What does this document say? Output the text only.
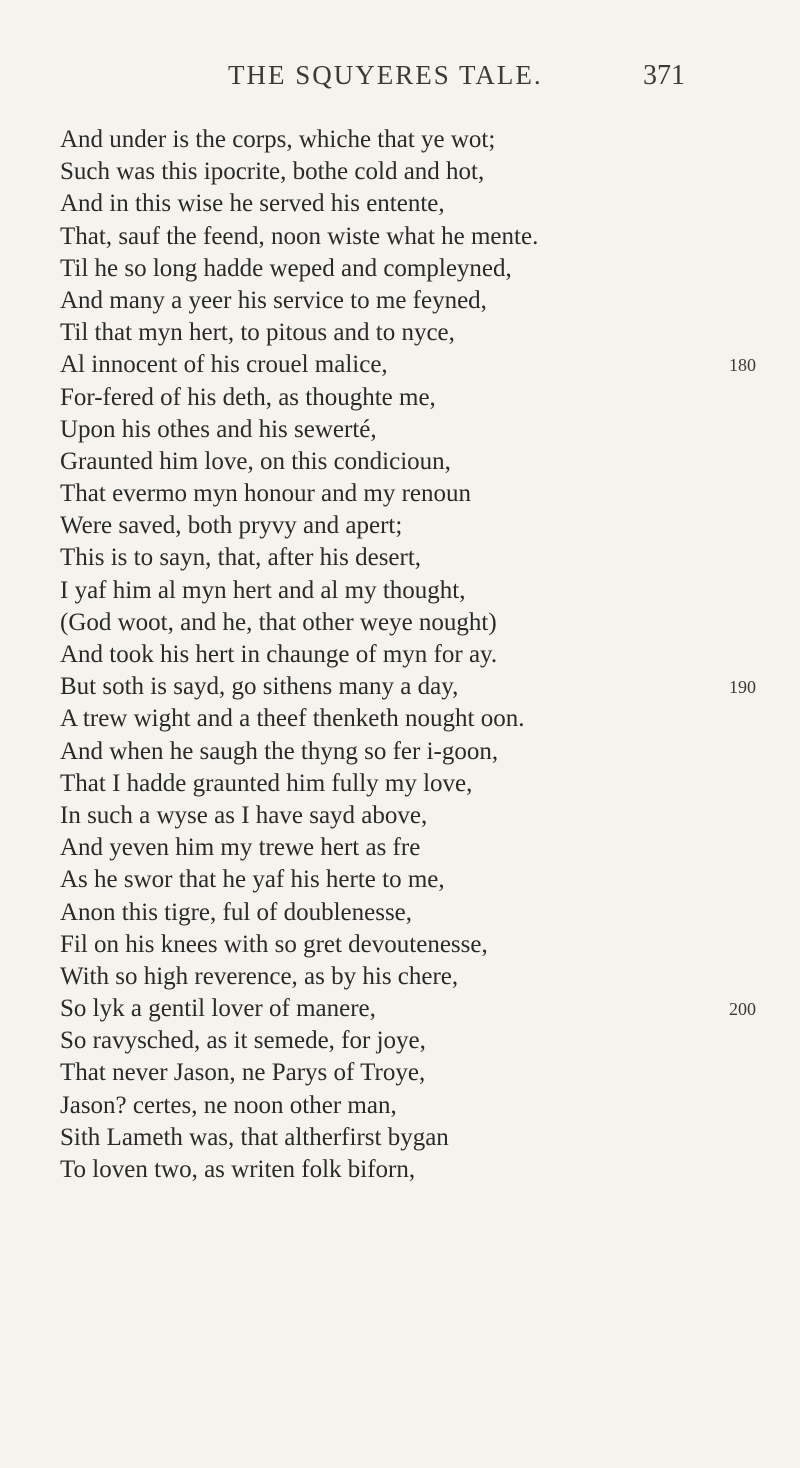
THE SQUYERES TALE.	371
And under is the corps, whiche that ye wot;
Such was this ipocrite, bothe cold and hot,
And in this wise he served his entente,
That, sauf the feend, noon wiste what he mente.
Til he so long hadde weped and compleyned,
And many a yeer his service to me feyned,
Til that myn hert, to pitous and to nyce,
Al innocent of his crouel malice,	180
For-fered of his deth, as thoughte me,
Upon his othes and his sewerté,
Graunted him love, on this condicioun,
That evermo myn honour and my renoun
Were saved, both pryvy and apert;
This is to sayn, that, after his desert,
I yaf him al myn hert and al my thought,
(God woot, and he, that other weye nought)
And took his hert in chaunge of myn for ay.
But soth is sayd, go sithens many a day,	190
A trew wight and a theef thenketh nought oon.
And when he saugh the thyng so fer i-goon,
That I hadde graunted him fully my love,
In such a wyse as I have sayd above,
And yeven him my trewe hert as fre
As he swor that he yaf his herte to me,
Anon this tigre, ful of doublenesse,
Fil on his knees with so gret devoutenesse,
With so high reverence, as by his chere,
So lyk a gentil lover of manere,	200
So ravysched, as it semede, for joye,
That never Jason, ne Parys of Troye,
Jason? certes, ne noon other man,
Sith Lameth was, that altherfirst bygan
To loven two, as writen folk biforn,
